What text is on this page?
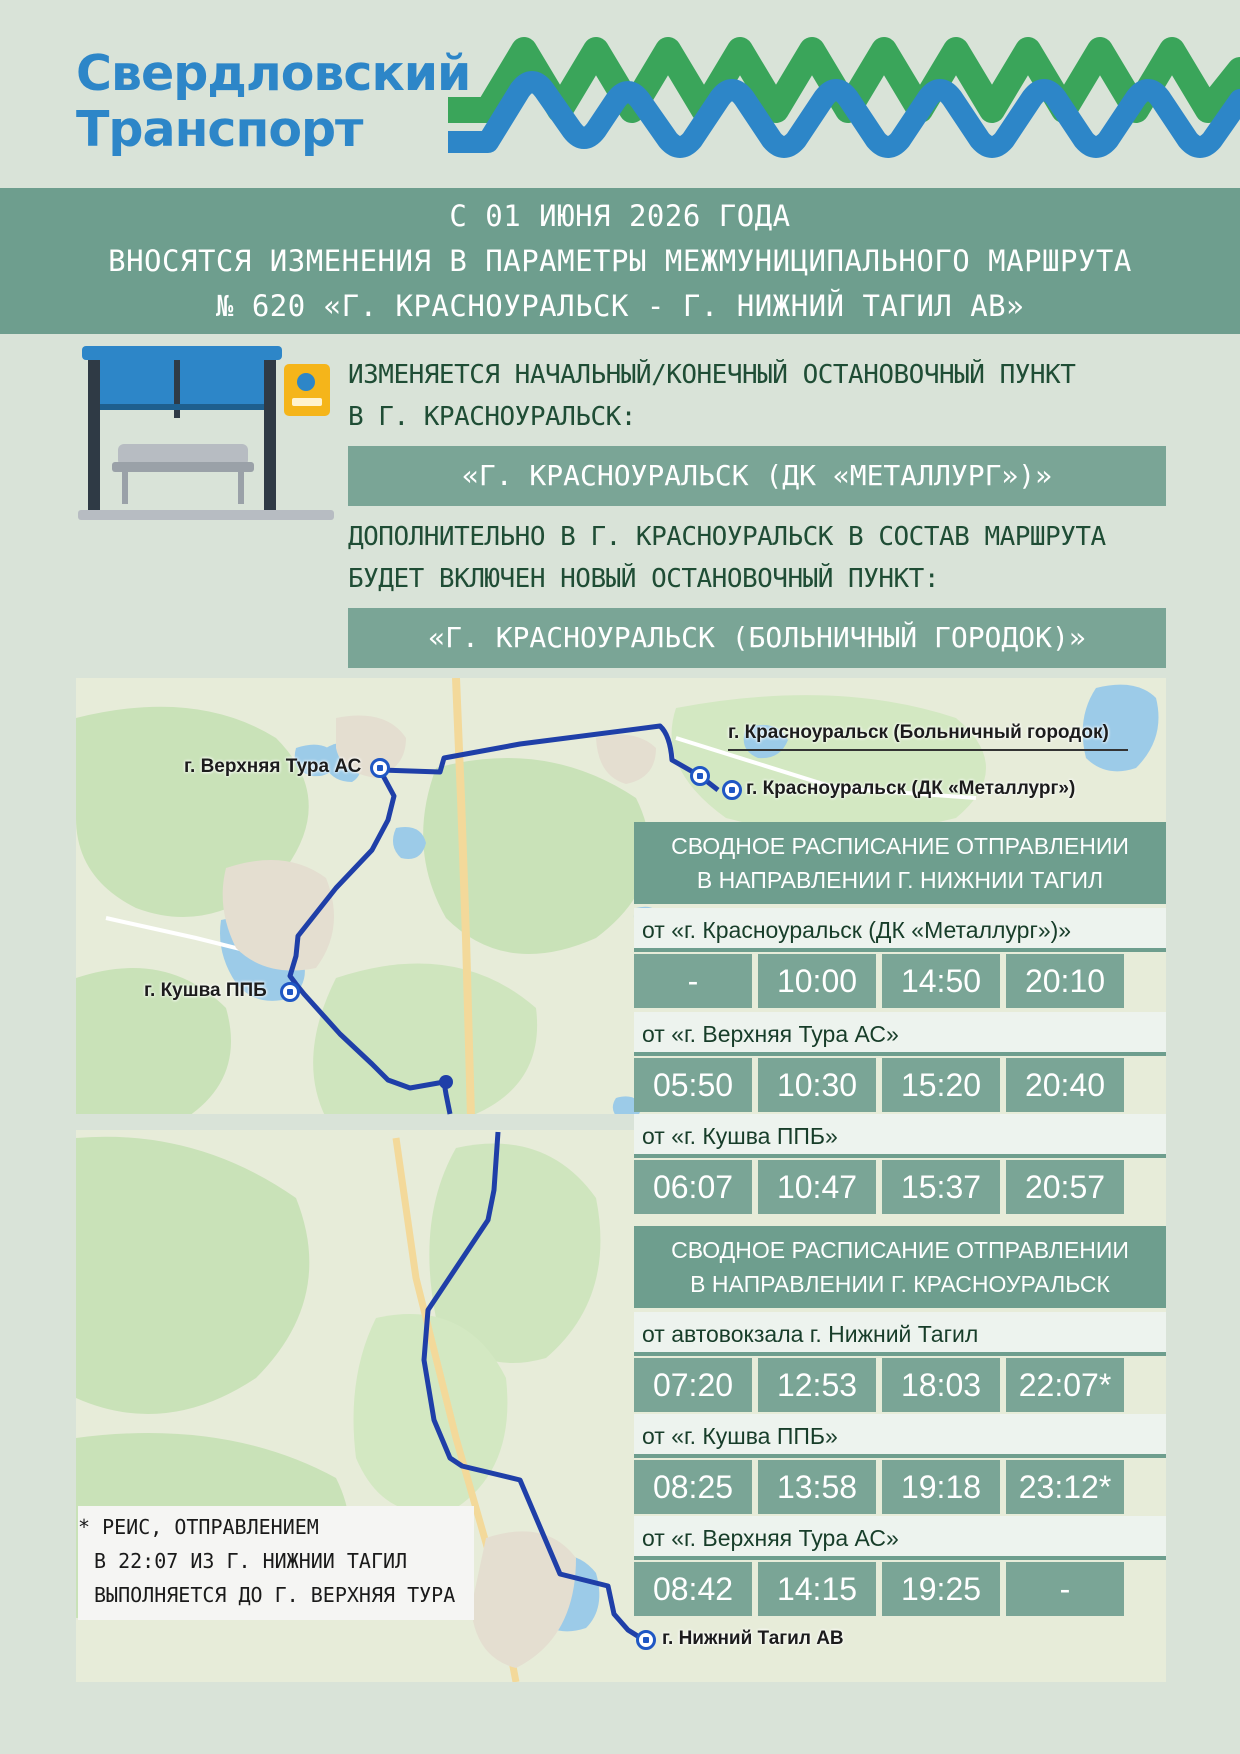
Свердловский
Транспорт
С 01 ИЮНЯ 2026 ГОДА
ВНОСЯТСЯ ИЗМЕНЕНИЯ В ПАРАМЕТРЫ МЕЖМУНИЦИПАЛЬНОГО МАРШРУТА
№ 620 «Г. КРАСНОУРАЛЬСК - Г. НИЖНИЙ ТАГИЛ АВ»
ИЗМЕНЯЕТСЯ НАЧАЛЬНЫЙ/КОНЕЧНЫЙ ОСТАНОВОЧНЫЙ ПУНКТ
В Г. КРАСНОУРАЛЬСК:
«Г. КРАСНОУРАЛЬСК (ДК «МЕТАЛЛУРГ»)»
ДОПОЛНИТЕЛЬНО В Г. КРАСНОУРАЛЬСК В СОСТАВ МАРШРУТА
БУДЕТ ВКЛЮЧЕН НОВЫЙ ОСТАНОВОЧНЫЙ ПУНКТ:
«Г. КРАСНОУРАЛЬСК (БОЛЬНИЧНЫЙ ГОРОДОК)»
г. Верхняя Тура АС
г. Красноуральск (Больничный городок)
г. Красноуральск (ДК «Металлург»)
г. Кушва ППБ
г. Нижний Тагил АВ
СВОДНОЕ РАСПИСАНИЕ ОТПРАВЛЕНИИ
В НАПРАВЛЕНИИ Г. НИЖНИИ ТАГИЛ
от «г. Красноуральск (ДК «Металлург»)»
-	10:00	14:50	20:10
от «г. Верхняя Тура АС»
05:50	10:30	15:20	20:40
от «г. Кушва ППБ»
06:07	10:47	15:37	20:57
СВОДНОЕ РАСПИСАНИЕ ОТПРАВЛЕНИИ
В НАПРАВЛЕНИИ Г. КРАСНОУРАЛЬСК
от автовокзала г. Нижний Тагил
07:20	12:53	18:03	22:07*
от «г. Кушва ППБ»
08:25	13:58	19:18	23:12*
от «г. Верхняя Тура АС»
08:42	14:15	19:25	-
* РЕИС, ОТПРАВЛЕНИЕМ
В 22:07 ИЗ Г. НИЖНИИ ТАГИЛ
ВЫПОЛНЯЕТСЯ ДО Г. ВЕРХНЯЯ ТУРА
